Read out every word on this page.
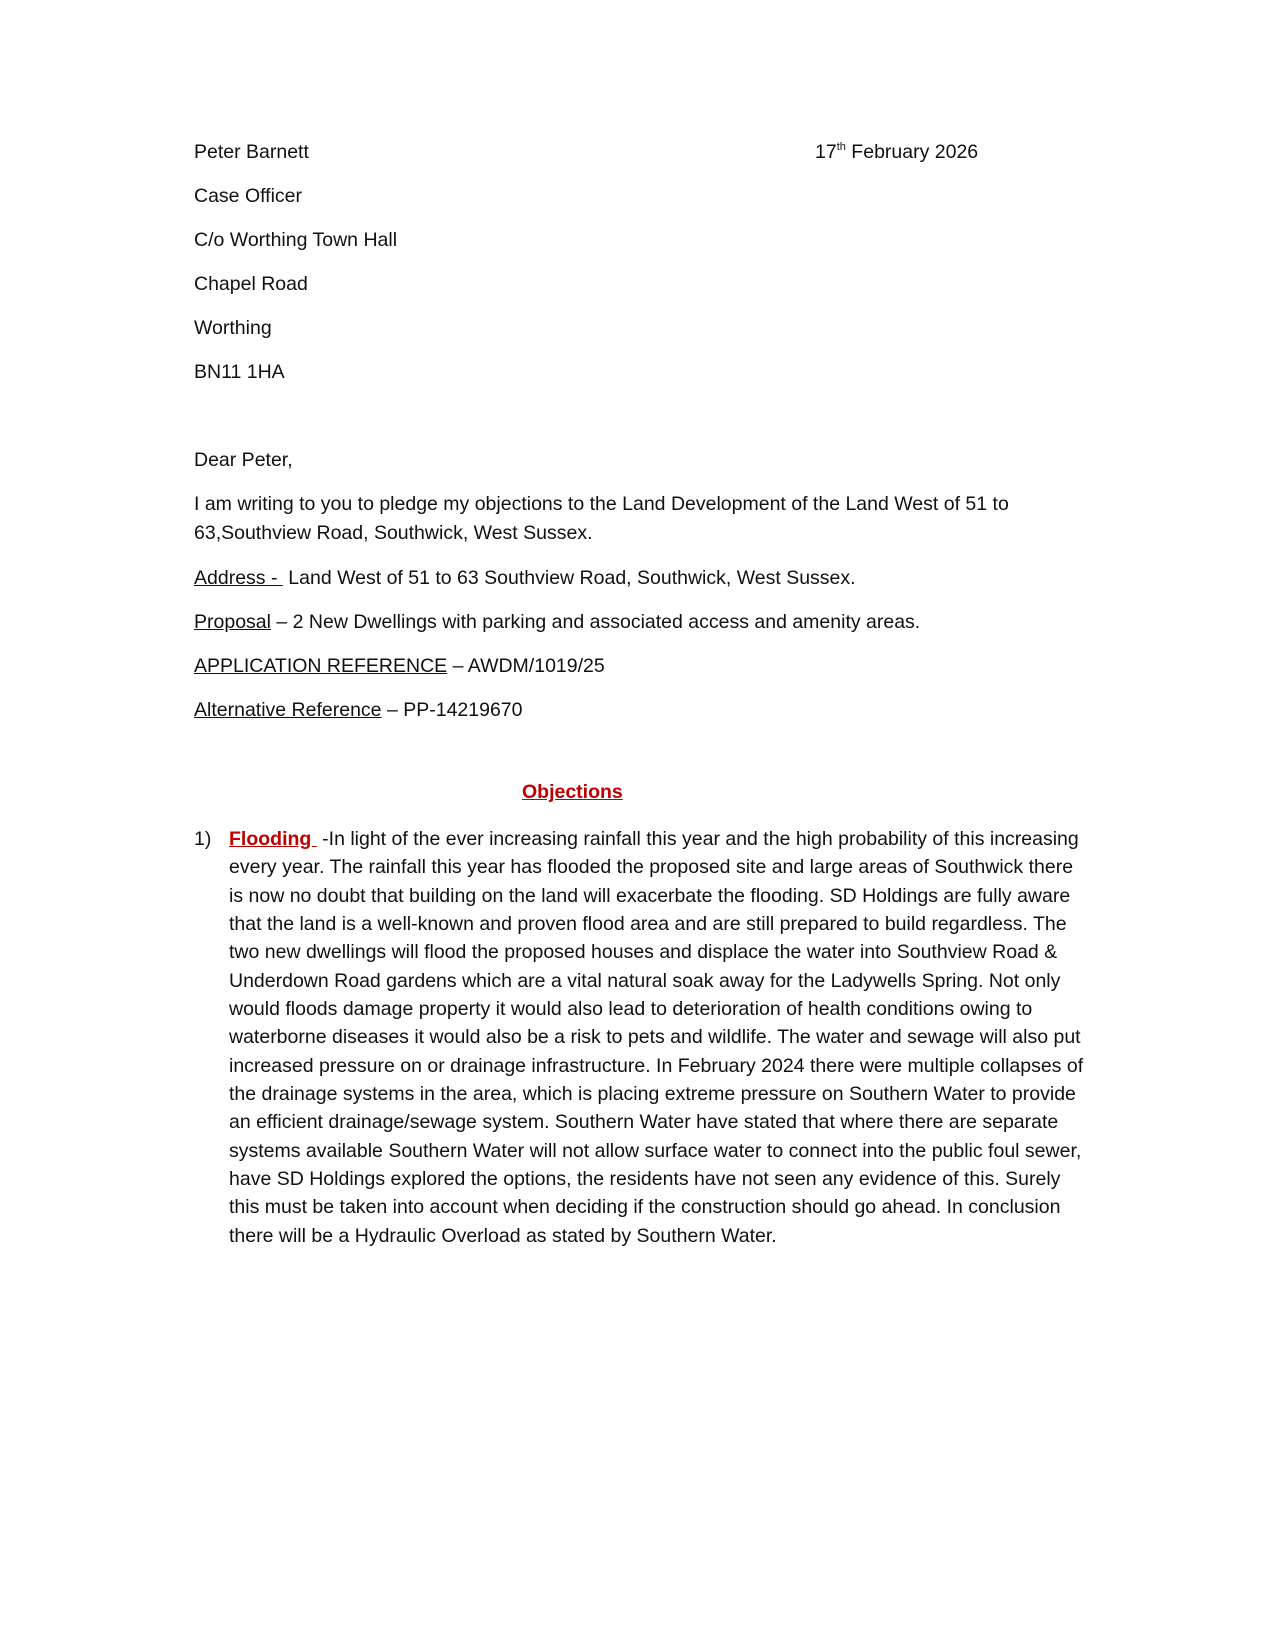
Peter Barnett	17th February 2026
Case Officer
C/o Worthing Town Hall
Chapel Road
Worthing
BN11 1HA
Dear Peter,
I am writing to you to pledge my objections to the Land Development of the Land West of 51 to 63,Southview Road, Southwick, West Sussex.
Address -  Land West of 51 to 63 Southview Road, Southwick, West Sussex.
Proposal – 2 New Dwellings with parking and associated access and amenity areas.
APPLICATION REFERENCE – AWDM/1019/25
Alternative Reference – PP-14219670
Objections
1) Flooding  -In light of the ever increasing rainfall this year and the high probability of this increasing every year. The rainfall this year has flooded the proposed site and large areas of Southwick there is now no doubt that building on the land will exacerbate the flooding. SD Holdings are fully aware that the land is a well-known and proven flood area and are still prepared to build regardless. The two new dwellings will flood the proposed houses and displace the water into Southview Road & Underdown Road gardens which are a vital natural soak away for the Ladywells Spring. Not only would floods damage property it would also lead to deterioration of health conditions owing to waterborne diseases it would also be a risk to pets and wildlife. The water and sewage will also put increased pressure on or drainage infrastructure. In February 2024 there were multiple collapses of the drainage systems in the area, which is placing extreme pressure on Southern Water to provide an efficient drainage/sewage system. Southern Water have stated that where there are separate systems available Southern Water will not allow surface water to connect into the public foul sewer, have SD Holdings explored the options, the residents have not seen any evidence of this. Surely this must be taken into account when deciding if the construction should go ahead. In conclusion there will be a Hydraulic Overload as stated by Southern Water.
